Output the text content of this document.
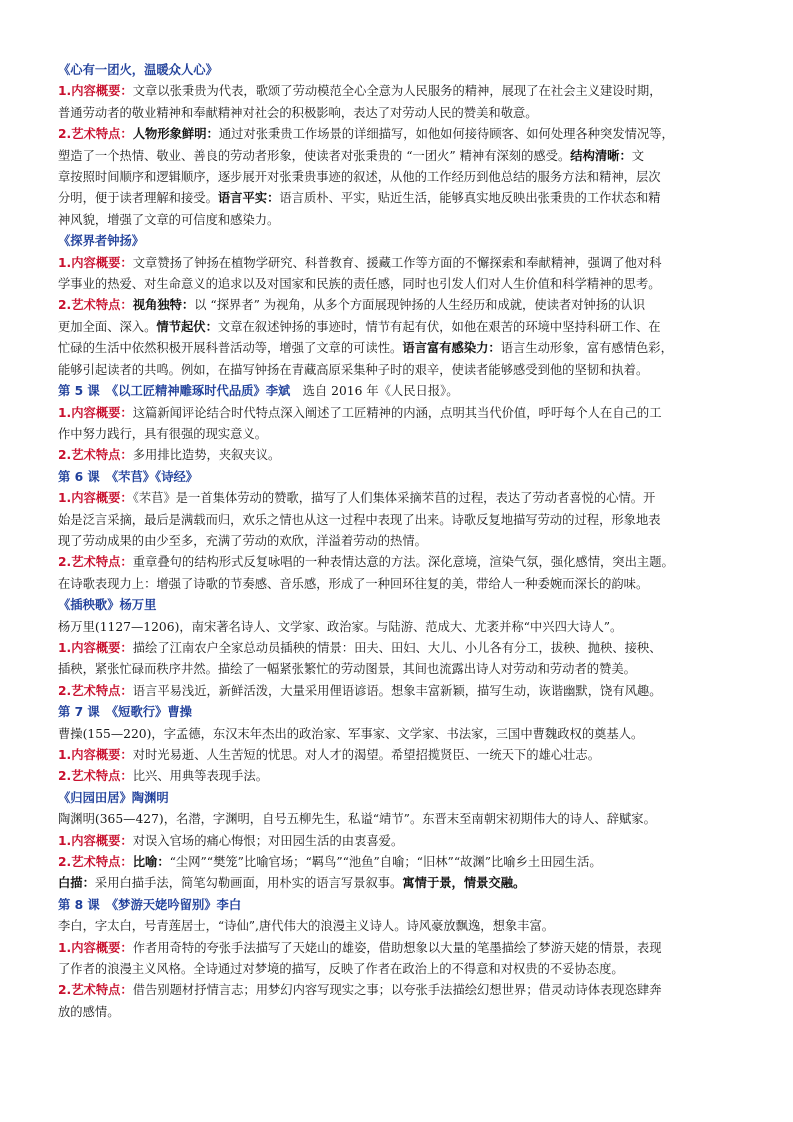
《心有一团火，温暖众人心》

1.内容概要：文章以张秉贵为代表，歌颂了劳动模范全心全意为人民服务的精神，展现了在社会主义建设时期，

普通劳动者的敬业精神和奉献精神对社会的积极影响，表达了对劳动人民的赞美和敬意。

2.艺术特点：人物形象鲜明：通过对张秉贵工作场景的详细描写，如他如何接待顾客、如何处理各种突发情况等，

塑造了一个热情、敬业、善良的劳动者形象，使读者对张秉贵的 “一团火” 精神有深刻的感受。结构清晰：文

章按照时间顺序和逻辑顺序，逐步展开对张秉贵事迹的叙述，从他的工作经历到他总结的服务方法和精神，层次

分明，便于读者理解和接受。语言平实：语言质朴、平实，贴近生活，能够真实地反映出张秉贵的工作状态和精

神风貌，增强了文章的可信度和感染力。

《探界者钟扬》

1.内容概要：文章赞扬了钟扬在植物学研究、科普教育、援藏工作等方面的不懈探索和奉献精神，强调了他对科

学事业的热爱、对生命意义的追求以及对国家和民族的责任感，同时也引发人们对人生价值和科学精神的思考。

2.艺术特点：视角独特：以 “探界者” 为视角，从多个方面展现钟扬的人生经历和成就，使读者对钟扬的认识

更加全面、深入。情节起伏：文章在叙述钟扬的事迹时，情节有起有伏，如他在艰苦的环境中坚持科研工作、在

忙碌的生活中依然积极开展科普活动等，增强了文章的可读性。语言富有感染力：语言生动形象，富有感情色彩，

能够引起读者的共鸣。例如，在描写钟扬在青藏高原采集种子时的艰辛，使读者能够感受到他的坚韧和执着。

第 5 课　《以工匠精神雕琢时代品质》李斌　选自 2016 年《人民日报》。

1.内容概要：这篇新闻评论结合时代特点深入阐述了工匠精神的内涵，点明其当代价值，呼吁每个人在自己的工

作中努力践行，具有很强的现实意义。

2.艺术特点：多用排比造势，夹叙夹议。

第 6 课　《芣苢》《诗经》

1.内容概要：《芣苢》是一首集体劳动的赞歌，描写了人们集体采摘芣苢的过程，表达了劳动者喜悦的心情。开

始是泛言采摘，最后是满载而归，欢乐之情也从这一过程中表现了出来。诗歌反复地描写劳动的过程，形象地表

现了劳动成果的由少至多，充满了劳动的欢欣，洋溢着劳动的热情。

2.艺术特点：重章叠句的结构形式反复咏唱的一种表情达意的方法。深化意境，渲染气氛，强化感情，突出主题。

在诗歌表现力上：增强了诗歌的节奏感、音乐感，形成了一种回环往复的美，带给人一种委婉而深长的韵味。

《插秧歌》杨万里

杨万里(1127—1206)，南宋著名诗人、文学家、政治家。与陆游、范成大、尤袤并称“中兴四大诗人”。

1.内容概要：描绘了江南农户全家总动员插秧的情景：田夫、田妇、大儿、小儿各有分工，拔秧、抛秧、接秧、

插秧，紧张忙碌而秩序井然。描绘了一幅紧张繁忙的劳动图景，其间也流露出诗人对劳动和劳动者的赞美。

2.艺术特点：语言平易浅近，新鲜活泼，大量采用俚语谚语。想象丰富新颖，描写生动，诙谐幽默，饶有风趣。

第 7 课　《短歌行》曹操

曹操(155—220)，字孟德，东汉末年杰出的政治家、军事家、文学家、书法家，三国中曹魏政权的奠基人。

1.内容概要：对时光易逝、人生苦短的忧思。对人才的渴望。希望招揽贤臣、一统天下的雄心壮志。

2.艺术特点：比兴、用典等表现手法。

《归园田居》陶渊明

陶渊明(365—427)，名潜，字渊明，自号五柳先生，私谥“靖节”。东晋末至南朝宋初期伟大的诗人、辞赋家。

1.内容概要：对误入官场的痛心悔恨；对田园生活的由衷喜爱。

2.艺术特点：比喻：“尘网”“樊笼”比喻官场；“羁鸟”“池鱼”自喻；“旧林”“故渊”比喻乡土田园生活。

白描：采用白描手法，简笔勾勒画面，用朴实的语言写景叙事。寓情于景，情景交融。

第 8 课　《梦游天姥吟留别》李白

李白，字太白，号青莲居士，“诗仙”,唐代伟大的浪漫主义诗人。诗风豪放飘逸，想象丰富。

1.内容概要：作者用奇特的夸张手法描写了天姥山的雄姿，借助想象以大量的笔墨描绘了梦游天姥的情景，表现

了作者的浪漫主义风格。全诗通过对梦境的描写，反映了作者在政治上的不得意和对权贵的不妥协态度。

2.艺术特点：借告别题材抒情言志；用梦幻内容写现实之事；以夸张手法描绘幻想世界；借灵动诗体表现恣肆奔

放的感情。
